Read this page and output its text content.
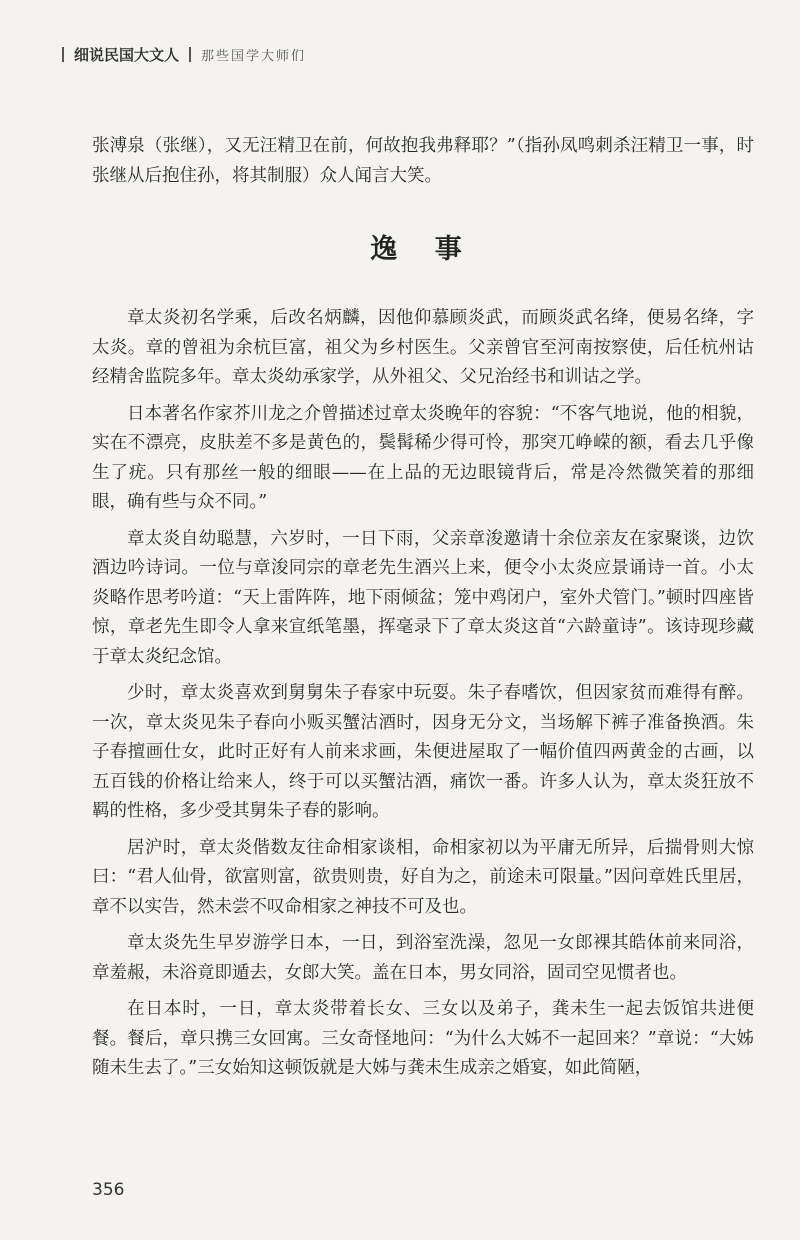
细说民国大文人 那些国学大师们

张溥泉（张继），又无汪精卫在前，何故抱我弗释耶？”（指孙凤鸣刺杀汪精卫一事，时张继从后抱住孙，将其制服）众人闻言大笑。

逸 事

章太炎初名学乘，后改名炳麟，因他仰慕顾炎武，而顾炎武名绛，便易名绛，字太炎。章的曾祖为余杭巨富，祖父为乡村医生。父亲曾官至河南按察使，后任杭州诂经精舍监院多年。章太炎幼承家学，从外祖父、父兄治经书和训诂之学。

日本著名作家芥川龙之介曾描述过章太炎晚年的容貌：“不客气地说，他的相貌，实在不漂亮，皮肤差不多是黄色的，鬓髯稀少得可怜，那突兀峥嵘的额，看去几乎像生了疣。只有那丝一般的细眼——在上品的无边眼镜背后，常是冷然微笑着的那细眼，确有些与众不同。”

章太炎自幼聪慧，六岁时，一日下雨，父亲章浚邀请十余位亲友在家聚谈，边饮酒边吟诗词。一位与章浚同宗的章老先生酒兴上来，便令小太炎应景诵诗一首。小太炎略作思考吟道：“天上雷阵阵，地下雨倾盆；笼中鸡闭户，室外犬管门。”顿时四座皆惊，章老先生即令人拿来宣纸笔墨，挥毫录下了章太炎这首“六龄童诗”。该诗现珍藏于章太炎纪念馆。

少时，章太炎喜欢到舅舅朱子春家中玩耍。朱子春嗜饮，但因家贫而难得有醉。一次，章太炎见朱子春向小贩买蟹沽酒时，因身无分文，当场解下裤子准备换酒。朱子春擅画仕女，此时正好有人前来求画，朱便进屋取了一幅价值四两黄金的古画，以五百钱的价格让给来人，终于可以买蟹沽酒，痛饮一番。许多人认为，章太炎狂放不羁的性格，多少受其舅朱子春的影响。

居沪时，章太炎偕数友往命相家谈相，命相家初以为平庸无所异，后揣骨则大惊曰：“君人仙骨，欲富则富，欲贵则贵，好自为之，前途未可限量。”因问章姓氏里居，章不以实告，然未尝不叹命相家之神技不可及也。

章太炎先生早岁游学日本，一日，到浴室洗澡，忽见一女郎裸其皓体前来同浴，章羞赧，未浴竟即遁去，女郎大笑。盖在日本，男女同浴，固司空见惯者也。

在日本时，一日，章太炎带着长女、三女以及弟子，龚未生一起去饭馆共进便餐。餐后，章只携三女回寓。三女奇怪地问：“为什么大姊不一起回来？”章说：“大姊随未生去了。”三女始知这顿饭就是大姊与龚未生成亲之婚宴，如此简陋，

356
